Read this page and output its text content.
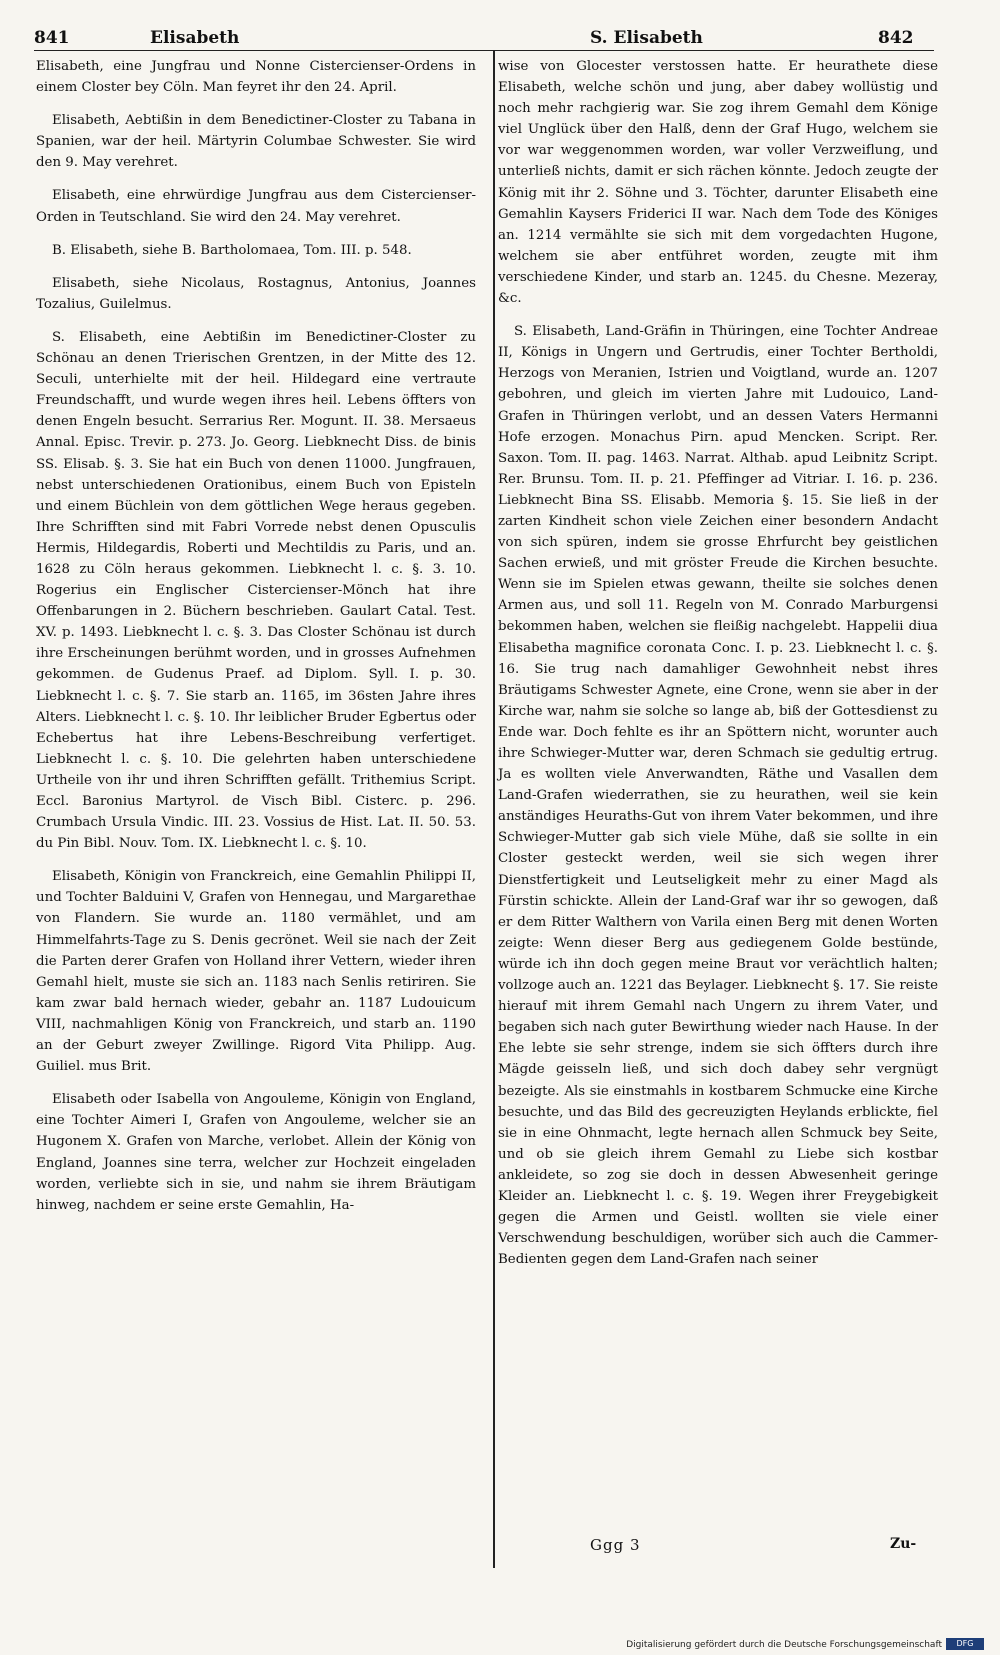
841	Elisabeth	S. Elisabeth	842

Elisabeth, eine Jungfrau und Nonne Cistercienser-Ordens in einem Closter bey Cöln. Man feyret ihr den 24. April.

Elisabeth, Aebtißin in dem Benedictiner-Closter zu Tabana in Spanien, war der heil. Märtyrin Columbae Schwester. Sie wird den 9. May verehret.

Elisabeth, eine ehrwürdige Jungfrau aus dem Cistercienser-Orden in Teutschland. Sie wird den 24. May verehret.

B. Elisabeth, siehe B. Bartholomaea, Tom. III. p. 548.

Elisabeth, siehe Nicolaus, Rostagnus, Antonius, Joannes Tozalius, Guilelmus.

S. Elisabeth, eine Aebtißin im Benedictiner-Closter zu Schönau an denen Trierischen Grentzen, in der Mitte des 12. Seculi, unterhielte mit der heil. Hildegard eine vertraute Freundschafft, und wurde wegen ihres heil. Lebens öffters von denen Engeln besucht. Serrarius Rer. Mogunt. II. 38. Mersaeus Annal. Episc. Trevir. p. 273. Jo. Georg. Liebknecht Diss. de binis SS. Elisab. §. 3. Sie hat ein Buch von denen 11000. Jungfrauen, nebst unterschiedenen Orationibus, einem Buch von Episteln und einem Büchlein von dem göttlichen Wege heraus gegeben. Ihre Schrifften sind mit Fabri Vorrede nebst denen Opusculis Hermis, Hildegardis, Roberti und Mechtildis zu Paris, und an. 1628 zu Cöln heraus gekommen. Liebknecht l. c. §. 3. 10. Rogerius ein Englischer Cistercienser-Mönch hat ihre Offenbarungen in 2. Büchern beschrieben. Gaulart Catal. Test. XV. p. 1493. Liebknecht l. c. §. 3. Das Closter Schönau ist durch ihre Erscheinungen berühmt worden, und in grosses Aufnehmen gekommen. de Gudenus Praef. ad Diplom. Syll. I. p. 30. Liebknecht l. c. §. 7. Sie starb an. 1165, im 36sten Jahre ihres Alters. Liebknecht l. c. §. 10. Ihr leiblicher Bruder Egbertus oder Echebertus hat ihre Lebens-Beschreibung verfertiget. Liebknecht l. c. §. 10. Die gelehrten haben unterschiedene Urtheile von ihr und ihren Schrifften gefällt. Trithemius Script. Eccl. Baronius Martyrol. de Visch Bibl. Cisterc. p. 296. Crumbach Ursula Vindic. III. 23. Vossius de Hist. Lat. II. 50. 53. du Pin Bibl. Nouv. Tom. IX. Liebknecht l. c. §. 10.

Elisabeth, Königin von Franckreich, eine Gemahlin Philippi II, und Tochter Balduini V, Grafen von Hennegau, und Margarethae von Flandern. Sie wurde an. 1180 vermählet, und am Himmelfahrts-Tage zu S. Denis gecrönet. Weil sie nach der Zeit die Parten derer Grafen von Holland ihrer Vettern, wieder ihren Gemahl hielt, muste sie sich an. 1183 nach Senlis retiriren. Sie kam zwar bald hernach wieder, gebahr an. 1187 Ludouicum VIII, nachmahligen König von Franckreich, und starb an. 1190 an der Geburt zweyer Zwillinge. Rigord Vita Philipp. Aug. Guiliel. mus Brit.

Elisabeth oder Isabella von Angouleme, Königin von England, eine Tochter Aimeri I, Grafen von Angouleme, welcher sie an Hugonem X. Grafen von Marche, verlobet. Allein der König von England, Joannes sine terra, welcher zur Hochzeit eingeladen worden, verliebte sich in sie, und nahm sie ihrem Bräutigam hinweg, nachdem er seine erste Gemahlin, Ha-

wise von Glocester verstossen hatte. Er heurathete diese Elisabeth, welche schön und jung, aber dabey wollüstig und noch mehr rachgierig war. Sie zog ihrem Gemahl dem Könige viel Unglück über den Halß, denn der Graf Hugo, welchem sie vor war weggenommen worden, war voller Verzweiflung, und unterließ nichts, damit er sich rächen könnte. Jedoch zeugte der König mit ihr 2. Söhne und 3. Töchter, darunter Elisabeth eine Gemahlin Kaysers Friderici II war. Nach dem Tode des Königes an. 1214 vermählte sie sich mit dem vorgedachten Hugone, welchem sie aber entführet worden, zeugte mit ihm verschiedene Kinder, und starb an. 1245. du Chesne. Mezeray, &c.

S. Elisabeth, Land-Gräfin in Thüringen, eine Tochter Andreae II, Königs in Ungern und Gertrudis, einer Tochter Bertholdi, Herzogs von Meranien, Istrien und Voigtland, wurde an. 1207 gebohren, und gleich im vierten Jahre mit Ludouico, Land-Grafen in Thüringen verlobt, und an dessen Vaters Hermanni Hofe erzogen. Monachus Pirn. apud Mencken. Script. Rer. Saxon. Tom. II. pag. 1463. Narrat. Althab. apud Leibnitz Script. Rer. Brunsu. Tom. II. p. 21. Pfeffinger ad Vitriar. I. 16. p. 236. Liebknecht Bina SS. Elisabb. Memoria §. 15. Sie ließ in der zarten Kindheit schon viele Zeichen einer besondern Andacht von sich spüren, indem sie grosse Ehrfurcht bey geistlichen Sachen erwieß, und mit gröster Freude die Kirchen besuchte. Wenn sie im Spielen etwas gewann, theilte sie solches denen Armen aus, und soll 11. Regeln von M. Conrado Marburgensi bekommen haben, welchen sie fleißig nachgelebt. Happelii diua Elisabetha magnifice coronata Conc. I. p. 23. Liebknecht l. c. §. 16. Sie trug nach damahliger Gewohnheit nebst ihres Bräutigams Schwester Agnete, eine Crone, wenn sie aber in der Kirche war, nahm sie solche so lange ab, biß der Gottesdienst zu Ende war. Doch fehlte es ihr an Spöttern nicht, worunter auch ihre Schwieger-Mutter war, deren Schmach sie gedultig ertrug. Ja es wollten viele Anverwandten, Räthe und Vasallen dem Land-Grafen wiederrathen, sie zu heurathen, weil sie kein anständiges Heuraths-Gut von ihrem Vater bekommen, und ihre Schwieger-Mutter gab sich viele Mühe, daß sie sollte in ein Closter gesteckt werden, weil sie sich wegen ihrer Dienstfertigkeit und Leutseligkeit mehr zu einer Magd als Fürstin schickte. Allein der Land-Graf war ihr so gewogen, daß er dem Ritter Walthern von Varila einen Berg mit denen Worten zeigte: Wenn dieser Berg aus gediegenem Golde bestünde, würde ich ihn doch gegen meine Braut vor verächtlich halten; vollzoge auch an. 1221 das Beylager. Liebknecht §. 17. Sie reiste hierauf mit ihrem Gemahl nach Ungern zu ihrem Vater, und begaben sich nach guter Bewirthung wieder nach Hause. In der Ehe lebte sie sehr strenge, indem sie sich öffters durch ihre Mägde geisseln ließ, und sich doch dabey sehr vergnügt bezeigte. Als sie einstmahls in kostbarem Schmucke eine Kirche besuchte, und das Bild des gecreuzigten Heylands erblickte, fiel sie in eine Ohnmacht, legte hernach allen Schmuck bey Seite, und ob sie gleich ihrem Gemahl zu Liebe sich kostbar ankleidete, so zog sie doch in dessen Abwesenheit geringe Kleider an. Liebknecht l. c. §. 19. Wegen ihrer Freygebigkeit gegen die Armen und Geistl. wollten sie viele einer Verschwendung beschuldigen, worüber sich auch die Cammer-Bedienten gegen dem Land-Grafen nach seiner

Ggg 3	Zu-
Digitalisierung gefördert durch die Deutsche Forschungsgemeinschaft	DFG
